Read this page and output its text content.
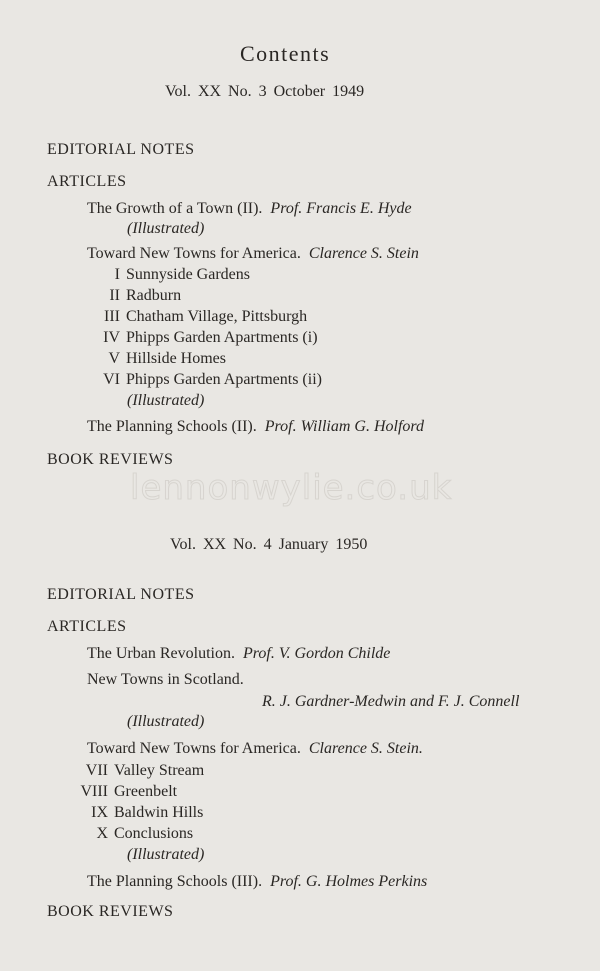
lennonwylie.co.uk
Contents
Vol. XX No. 3 October 1949
EDITORIAL NOTES
ARTICLES
The Growth of a Town (II). Prof. Francis E. Hyde
(Illustrated)
Toward New Towns for America. Clarence S. Stein
I Sunnyside Gardens
II Radburn
III Chatham Village, Pittsburgh
IV Phipps Garden Apartments (i)
V Hillside Homes
VI Phipps Garden Apartments (ii)
(Illustrated)
The Planning Schools (II). Prof. William G. Holford
BOOK REVIEWS
Vol. XX No. 4 January 1950
EDITORIAL NOTES
ARTICLES
The Urban Revolution. Prof. V. Gordon Childe
New Towns in Scotland.
R. J. Gardner-Medwin and F. J. Connell
(Illustrated)
Toward New Towns for America. Clarence S. Stein.
VII Valley Stream
VIII Greenbelt
IX Baldwin Hills
X Conclusions
(Illustrated)
The Planning Schools (III). Prof. G. Holmes Perkins
BOOK REVIEWS
